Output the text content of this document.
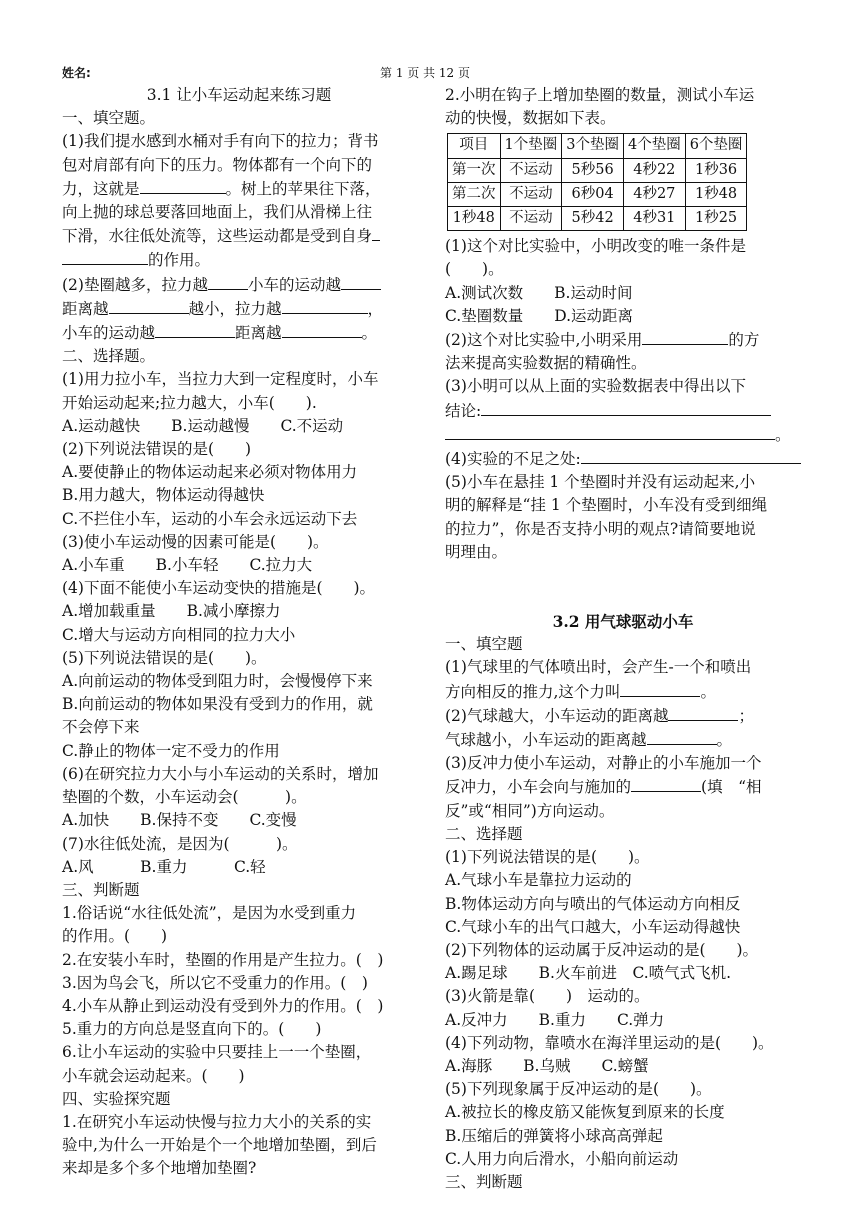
姓名:	第 1 页 共 12 页
3.1 让小车运动起来练习题
一、填空题。
(1)我们提水感到水桶对手有向下的拉力；背书
包对肩部有向下的压力。物体都有一个向下的
力，这就是	。树上的苹果往下落，
向上抛的球总要落回地面上，我们从滑梯上往
下滑，水往低处流等，这些运动都是受到自身
的作用。
(2)垫圈越多，拉力越	小车的运动越
距离越	越小，拉力越	，
小车的运动越	距离越	。
二、选择题。
(1)用力拉小车，当拉力大到一定程度时，小车
开始运动起来;拉力越大，小车(　　).
A.运动越快　　B.运动越慢　　C.不运动
(2)下列说法错误的是(　　)
A.要使静止的物体运动起来必须对物体用力
B.用力越大，物体运动得越快
C.不拦住小车，运动的小车会永远运动下去
(3)使小车运动慢的因素可能是(　　)。
A.小车重　　B.小车轻　　C.拉力大
(4)下面不能使小车运动变快的措施是(　　)。
A.增加载重量　　B.减小摩擦力
C.增大与运动方向相同的拉力大小
(5)下列说法错误的是(　　)。
A.向前运动的物体受到阻力时，会慢慢停下来
B.向前运动的物体如果没有受到力的作用，就
不会停下来
C.静止的物体一定不受力的作用
(6)在研究拉力大小与小车运动的关系时，增加
垫圈的个数，小车运动会(　　　)。
A.加快　　B.保持不变　　C.变慢
(7)水往低处流，是因为(　　　)。
A.风　　　B.重力　　　C.轻
三、判断题
1.俗话说“水往低处流”，是因为水受到重力
的作用。(　　)
2.在安装小车时，垫圈的作用是产生拉力。(　)
3.因为鸟会飞，所以它不受重力的作用。(　)
4.小车从静止到运动没有受到外力的作用。(　)
5.重力的方向总是竖直向下的。(　　)
6.让小车运动的实验中只要挂上一一个垫圈，
小车就会运动起来。(　　)
四、实验探究题
1.在研究小车运动快慢与拉力大小的关系的实
验中,为什么一开始是个一个地增加垫圈，到后
来却是多个多个地增加垫圈?
2.小明在钩子上增加垫圈的数量，测试小车运
动的快慢，数据如下表。
项目	1个垫圈	3个垫圈	4个垫圈	6个垫圈
第一次	不运动	5秒56	4秒22	1秒36
第二次	不运动	6秒04	4秒27	1秒48
1秒48	不运动	5秒42	4秒31	1秒25
(1)这个对比实验中，小明改变的唯一条件是
(　　)。
A.测试次数　　B.运动时间
C.垫圈数量　　D.运动距离
(2)这个对比实验中,小明采用	的方
法来提高实验数据的精确性。
(3)小明可以从上面的实验数据表中得出以下
结论:
。
(4)实验的不足之处:
(5)小车在悬挂 1 个垫圈时并没有运动起来,小
明的解释是“挂 1 个垫圈时，小车没有受到细绳
的拉力”，你是否支持小明的观点?请简要地说
明理由。
3.2 用气球驱动小车
一、填空题
(1)气球里的气体喷出时，会产生-一个和喷出
方向相反的推力,这个力叫	。
(2)气球越大，小车运动的距离越	；
气球越小，小车运动的距离越	。
(3)反冲力使小车运动，对静止的小车施加一个
反冲力，小车会向与施加的	(填　“相
反”或“相同”)方向运动。
二、选择题
(1)下列说法错误的是(　　)。
A.气球小车是靠拉力运动的
B.物体运动方向与喷出的气体运动方向相反
C.气球小车的出气口越大，小车运动得越快
(2)下列物体的运动属于反冲运动的是(　　)。
A.踢足球　　B.火车前进　C.喷气式飞机.
(3)火箭是靠(　　)　运动的。
A.反冲力　　B.重力　　C.弹力
(4)下列动物，靠喷水在海洋里运动的是(　　)。
A.海豚　　B.乌贼　　C.螃蟹
(5)下列现象属于反冲运动的是(　　)。
A.被拉长的橡皮筋又能恢复到原来的长度
B.压缩后的弹簧将小球高高弹起
C.人用力向后滑水，小船向前运动
三、判断题
